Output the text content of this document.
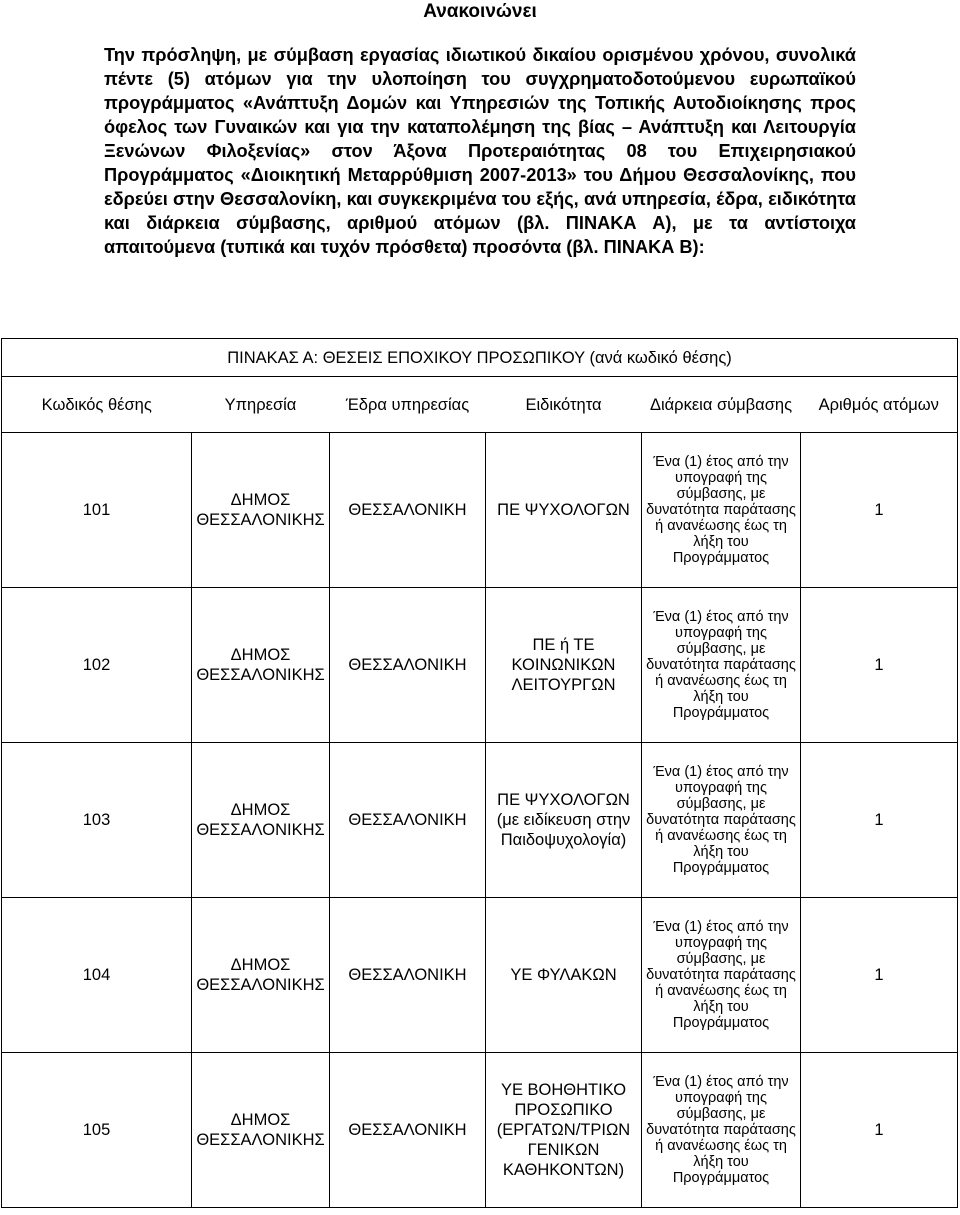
Ανακοινώνει
Την πρόσληψη, με σύμβαση εργασίας ιδιωτικού δικαίου ορισμένου χρόνου, συνολικά πέντε (5) ατόμων για την υλοποίηση του συγχρηματοδοτούμενου ευρωπαϊκού προγράμματος «Ανάπτυξη Δομών και Υπηρεσιών της Τοπικής Αυτοδιοίκησης προς όφελος των Γυναικών και για την καταπολέμηση της βίας – Ανάπτυξη και Λειτουργία Ξενώνων Φιλοξενίας» στον Άξονα Προτεραιότητας 08 του Επιχειρησιακού Προγράμματος «Διοικητική Μεταρρύθμιση 2007-2013» του Δήμου Θεσσαλονίκης, που εδρεύει στην Θεσσαλονίκη, και συγκεκριμένα του εξής, ανά υπηρεσία, έδρα, ειδικότητα και διάρκεια σύμβασης, αριθμού ατόμων (βλ. ΠΙΝΑΚΑ Α), με τα αντίστοιχα απαιτούμενα (τυπικά και τυχόν πρόσθετα) προσόντα (βλ. ΠΙΝΑΚΑ Β):
ΠΙΝΑΚΑΣ Α: ΘΕΣΕΙΣ ΕΠΟΧΙΚΟΥ ΠΡΟΣΩΠΙΚΟΥ (ανά κωδικό θέσης)					
Κωδικός θέσης	Υπηρεσία	Έδρα υπηρεσίας	Ειδικότητα	Διάρκεια σύμβασης	Αριθμός ατόμων
101	ΔΗΜΟΣ ΘΕΣΣΑΛΟΝΙΚΗΣ	ΘΕΣΣΑΛΟΝΙΚΗ	ΠΕ ΨΥΧΟΛΟΓΩΝ	Ένα (1) έτος από την υπογραφή της σύμβασης, με δυνατότητα παράτασης ή ανανέωσης έως τη λήξη του Προγράμματος	1
102	ΔΗΜΟΣ ΘΕΣΣΑΛΟΝΙΚΗΣ	ΘΕΣΣΑΛΟΝΙΚΗ	ΠΕ ή ΤΕ ΚΟΙΝΩΝΙΚΩΝ ΛΕΙΤΟΥΡΓΩΝ	Ένα (1) έτος από την υπογραφή της σύμβασης, με δυνατότητα παράτασης ή ανανέωσης έως τη λήξη του Προγράμματος	1
103	ΔΗΜΟΣ ΘΕΣΣΑΛΟΝΙΚΗΣ	ΘΕΣΣΑΛΟΝΙΚΗ	ΠΕ ΨΥΧΟΛΟΓΩΝ (με ειδίκευση στην Παιδοψυχολογία)	Ένα (1) έτος από την υπογραφή της σύμβασης, με δυνατότητα παράτασης ή ανανέωσης έως τη λήξη του Προγράμματος	1
104	ΔΗΜΟΣ ΘΕΣΣΑΛΟΝΙΚΗΣ	ΘΕΣΣΑΛΟΝΙΚΗ	ΥΕ ΦΥΛΑΚΩΝ	Ένα (1) έτος από την υπογραφή της σύμβασης, με δυνατότητα παράτασης ή ανανέωσης έως τη λήξη του Προγράμματος	1
105	ΔΗΜΟΣ ΘΕΣΣΑΛΟΝΙΚΗΣ	ΘΕΣΣΑΛΟΝΙΚΗ	ΥΕ ΒΟΗΘΗΤΙΚΟ ΠΡΟΣΩΠΙΚΟ (ΕΡΓΑΤΩΝ/ΤΡΙΩΝ ΓΕΝΙΚΩΝ ΚΑΘΗΚΟΝΤΩΝ)	Ένα (1) έτος από την υπογραφή της σύμβασης, με δυνατότητα παράτασης ή ανανέωσης έως τη λήξη του Προγράμματος	1
